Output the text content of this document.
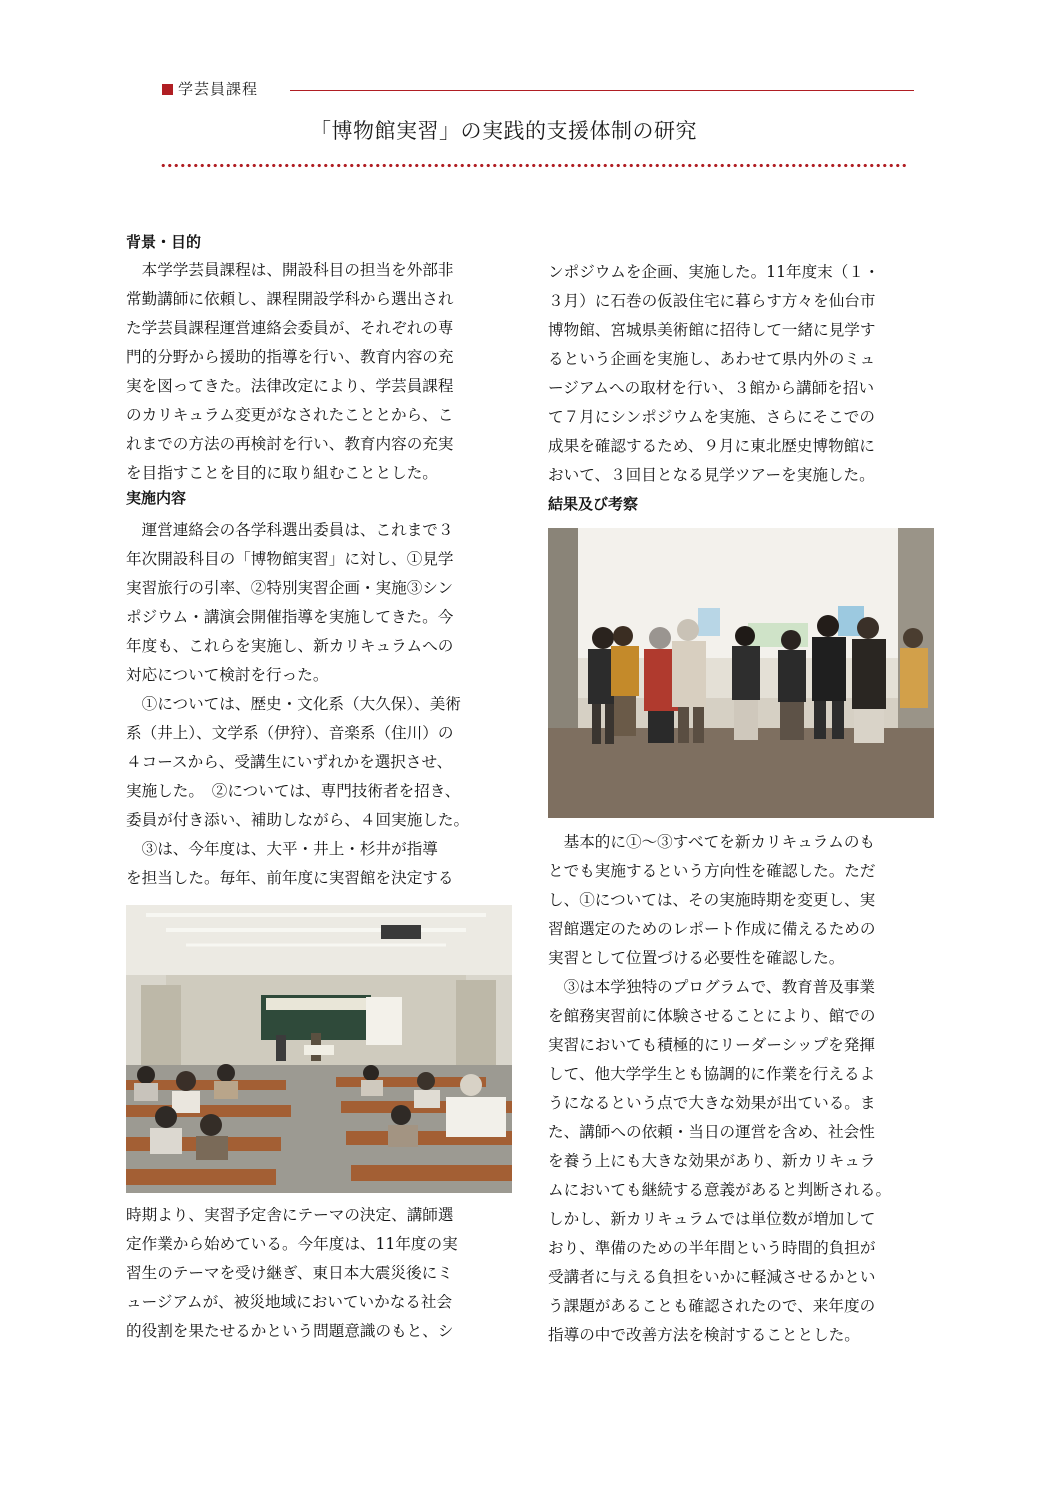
学芸員課程
「博物館実習」の実践的支援体制の研究
背景・目的

　本学学芸員課程は、開設科目の担当を外部非

常勤講師に依頼し、課程開設学科から選出され

た学芸員課程運営連絡会委員が、それぞれの専

門的分野から援助的指導を行い、教育内容の充

実を図ってきた。法律改定により、学芸員課程

のカリキュラム変更がなされたこととから、こ

れまでの方法の再検討を行い、教育内容の充実

を目指すことを目的に取り組むこととした。

実施内容

　運営連絡会の各学科選出委員は、これまで３

年次開設科目の「博物館実習」に対し、①見学

実習旅行の引率、②特別実習企画・実施③シン

ポジウム・講演会開催指導を実施してきた。今

年度も、これらを実施し、新カリキュラムへの

対応について検討を行った。

　①については、歴史・文化系（大久保）、美術

系（井上）、文学系（伊狩）、音楽系（住川）の

４コースから、受講生にいずれかを選択させ、

実施した。　②については、専門技術者を招き、

委員が付き添い、補助しながら、４回実施した。

　③は、今年度は、大平・井上・杉井が指導

を担当した。毎年、前年度に実習館を決定する

時期より、実習予定舎にテーマの決定、講師選

定作業から始めている。今年度は、11年度の実

習生のテーマを受け継ぎ、東日本大震災後にミ

ュージアムが、被災地域においていかなる社会

的役割を果たせるかという問題意識のもと、シ

ンポジウムを企画、実施した。11年度末（１・

３月）に石巻の仮設住宅に暮らす方々を仙台市

博物館、宮城県美術館に招待して一緒に見学す

るという企画を実施し、あわせて県内外のミュ

ージアムへの取材を行い、３館から講師を招い

て７月にシンポジウムを実施、さらにそこでの

成果を確認するため、９月に東北歴史博物館に

おいて、３回目となる見学ツアーを実施した。

結果及び考察

　基本的に①～③すべてを新カリキュラムのも

とでも実施するという方向性を確認した。ただ

し、①については、その実施時期を変更し、実

習館選定のためのレポート作成に備えるための

実習として位置づける必要性を確認した。

　③は本学独特のプログラムで、教育普及事業

を館務実習前に体験させることにより、館での

実習においても積極的にリーダーシップを発揮

して、他大学学生とも協調的に作業を行えるよ

うになるという点で大きな効果が出ている。ま

た、講師への依頼・当日の運営を含め、社会性

を養う上にも大きな効果があり、新カリキュラ

ムにおいても継続する意義があると判断される。

しかし、新カリキュラムでは単位数が増加して

おり、準備のための半年間という時間的負担が

受講者に与える負担をいかに軽減させるかとい

う課題があることも確認されたので、来年度の

指導の中で改善方法を検討することとした。
